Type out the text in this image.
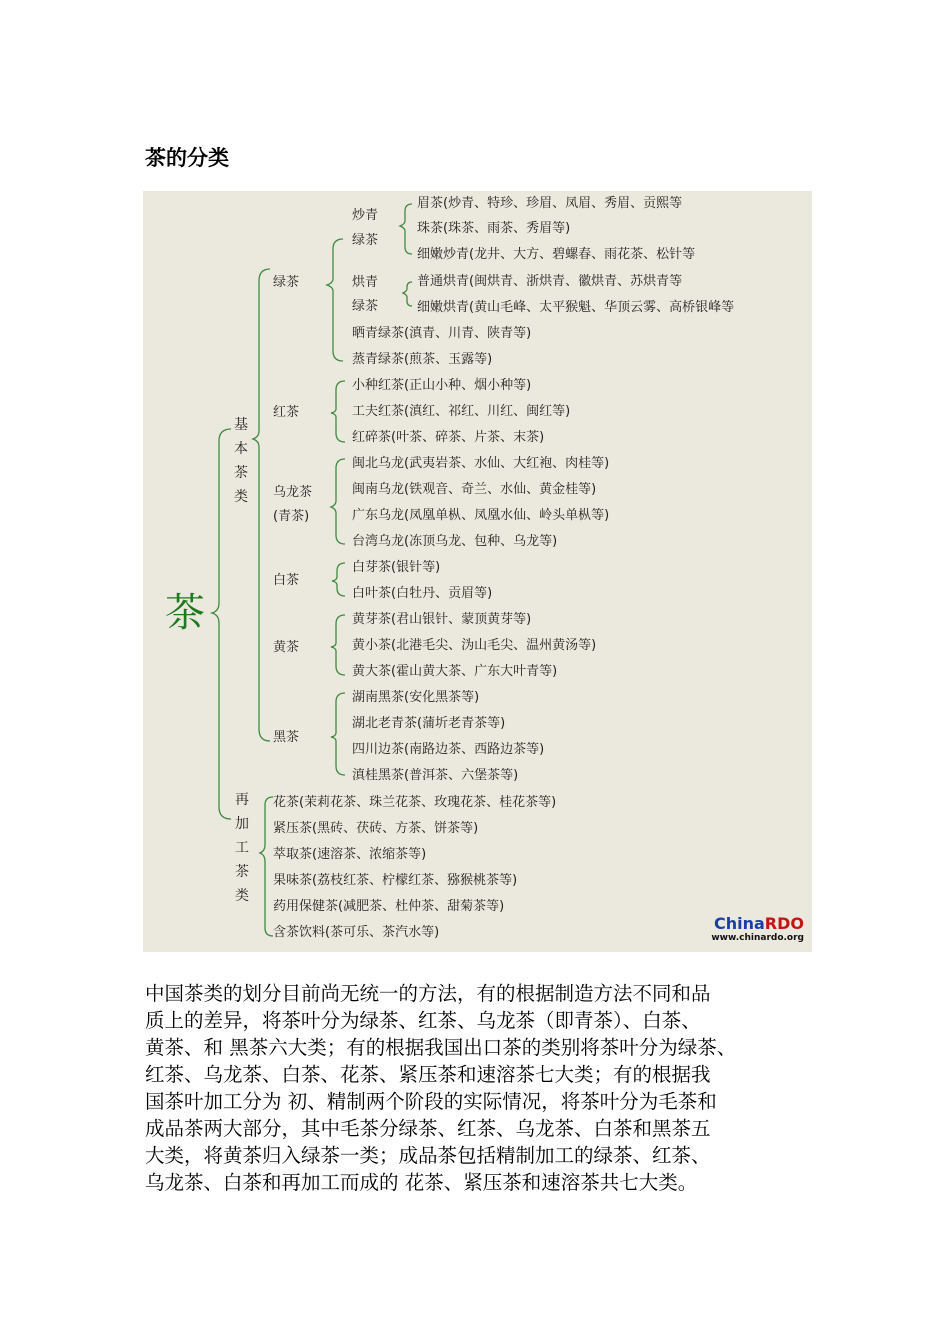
茶的分类
茶
基本茶类
再加工茶类
绿茶
炒青
绿茶
烘青
绿茶
红茶
乌龙茶
(青茶)
白茶
黄茶
黑茶
眉茶(炒青、特珍、珍眉、凤眉、秀眉、贡熙等
珠茶(珠茶、雨茶、秀眉等)
细嫩炒青(龙井、大方、碧螺春、雨花茶、松针等
普通烘青(闽烘青、浙烘青、徽烘青、苏烘青等
细嫩烘青(黄山毛峰、太平猴魁、华顶云雾、高桥银峰等
晒青绿茶(滇青、川青、陕青等)
蒸青绿茶(煎茶、玉露等)
小种红茶(正山小种、烟小种等)
工夫红茶(滇红、祁红、川红、闽红等)
红碎茶(叶茶、碎茶、片茶、末茶)
闽北乌龙(武夷岩茶、水仙、大红袍、肉桂等)
闽南乌龙(铁观音、奇兰、水仙、黄金桂等)
广东乌龙(凤凰单枞、凤凰水仙、岭头单枞等)
台湾乌龙(冻顶乌龙、包种、乌龙等)
白芽茶(银针等)
白叶茶(白牡丹、贡眉等)
黄芽茶(君山银针、蒙顶黄芽等)
黄小茶(北港毛尖、沩山毛尖、温州黄汤等)
黄大茶(霍山黄大茶、广东大叶青等)
湖南黑茶(安化黑茶等)
湖北老青茶(蒲圻老青茶等)
四川边茶(南路边茶、西路边茶等)
滇桂黑茶(普洱茶、六堡茶等)
花茶(茉莉花茶、珠兰花茶、玫瑰花茶、桂花茶等)
紧压茶(黑砖、茯砖、方茶、饼茶等)
萃取茶(速溶茶、浓缩茶等)
果味茶(荔枝红茶、柠檬红茶、猕猴桃茶等)
药用保健茶(减肥茶、杜仲茶、甜菊茶等)
含茶饮料(茶可乐、茶汽水等)	ChinaRDO
www.chinardo.org
中国茶类的划分目前尚无统一的方法，有的根据制造方法不同和品
质上的差异，将茶叶分为绿茶、红茶、乌龙茶（即青茶）、白茶、
黄茶、和 黑茶六大类；有的根据我国出口茶的类别将茶叶分为绿茶、
红茶、乌龙茶、白茶、花茶、紧压茶和速溶茶七大类；有的根据我
国茶叶加工分为 初、精制两个阶段的实际情况，将茶叶分为毛茶和
成品茶两大部分，其中毛茶分绿茶、红茶、乌龙茶、白茶和黑茶五
大类，将黄茶归入绿茶一类；成品茶包括精制加工的绿茶、红茶、
乌龙茶、白茶和再加工而成的 花茶、紧压茶和速溶茶共七大类。
